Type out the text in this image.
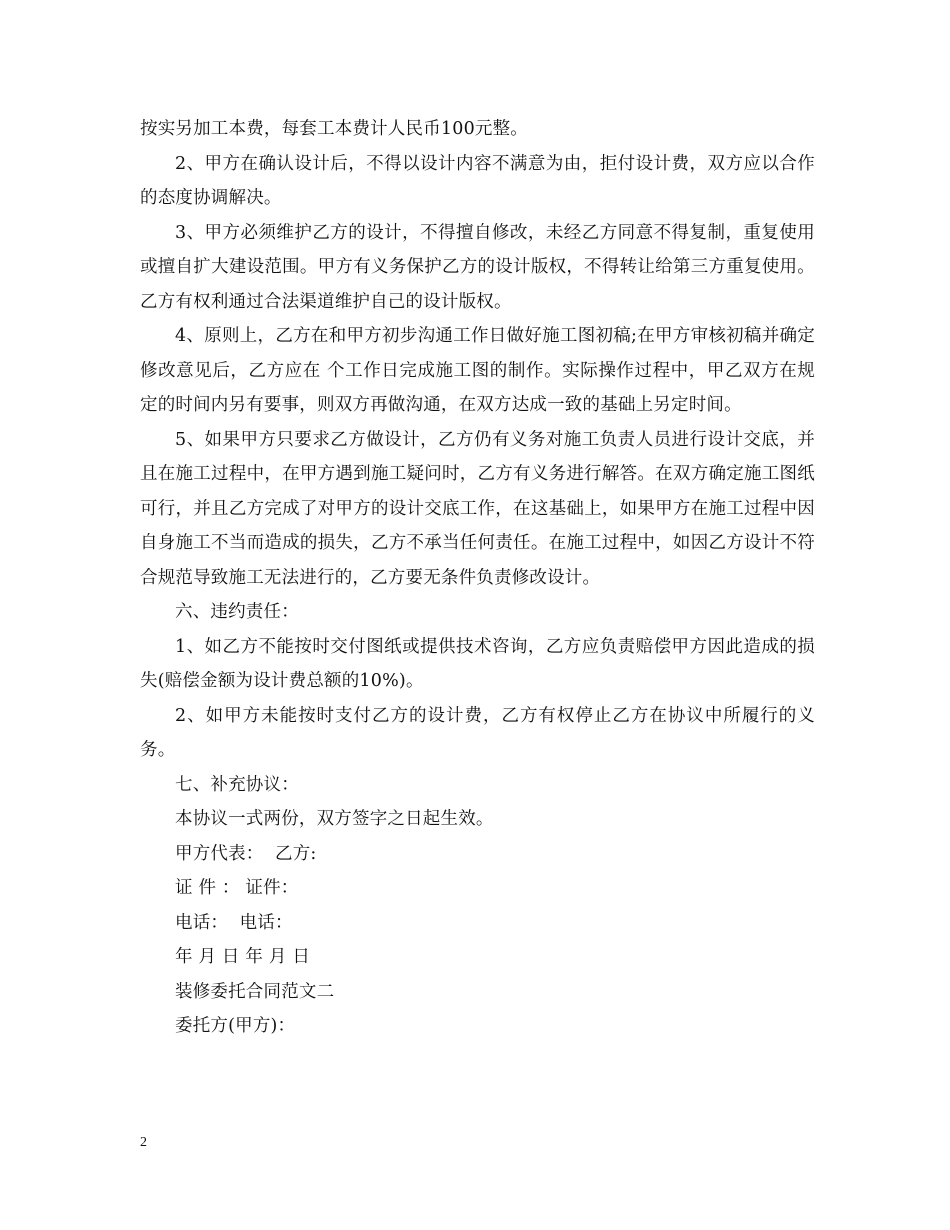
按实另加工本费，每套工本费计人民币100元整。

2、甲方在确认设计后，不得以设计内容不满意为由，拒付设计费，双方应以合作的态度协调解决。

3、甲方必须维护乙方的设计，不得擅自修改，未经乙方同意不得复制，重复使用或擅自扩大建设范围。甲方有义务保护乙方的设计版权，不得转让给第三方重复使用。乙方有权利通过合法渠道维护自己的设计版权。

4、原则上，乙方在和甲方初步沟通工作日做好施工图初稿;在甲方审核初稿并确定修改意见后，乙方应在 个工作日完成施工图的制作。实际操作过程中，甲乙双方在规定的时间内另有要事，则双方再做沟通，在双方达成一致的基础上另定时间。

5、如果甲方只要求乙方做设计，乙方仍有义务对施工负责人员进行设计交底，并且在施工过程中，在甲方遇到施工疑问时，乙方有义务进行解答。在双方确定施工图纸可行，并且乙方完成了对甲方的设计交底工作，在这基础上，如果甲方在施工过程中因自身施工不当而造成的损失，乙方不承当任何责任。在施工过程中，如因乙方设计不符合规范导致施工无法进行的，乙方要无条件负责修改设计。

六、违约责任：

1、如乙方不能按时交付图纸或提供技术咨询，乙方应负责赔偿甲方因此造成的损失(赔偿金额为设计费总额的10%)。

2、如甲方未能按时支付乙方的设计费，乙方有权停止乙方在协议中所履行的义务。

七、补充协议：

本协议一式两份，双方签字之日起生效。

甲方代表：  乙方:

证 件 ： 证件：

电话：  电话：

年 月 日 年 月 日

装修委托合同范文二

委托方(甲方)：

2
